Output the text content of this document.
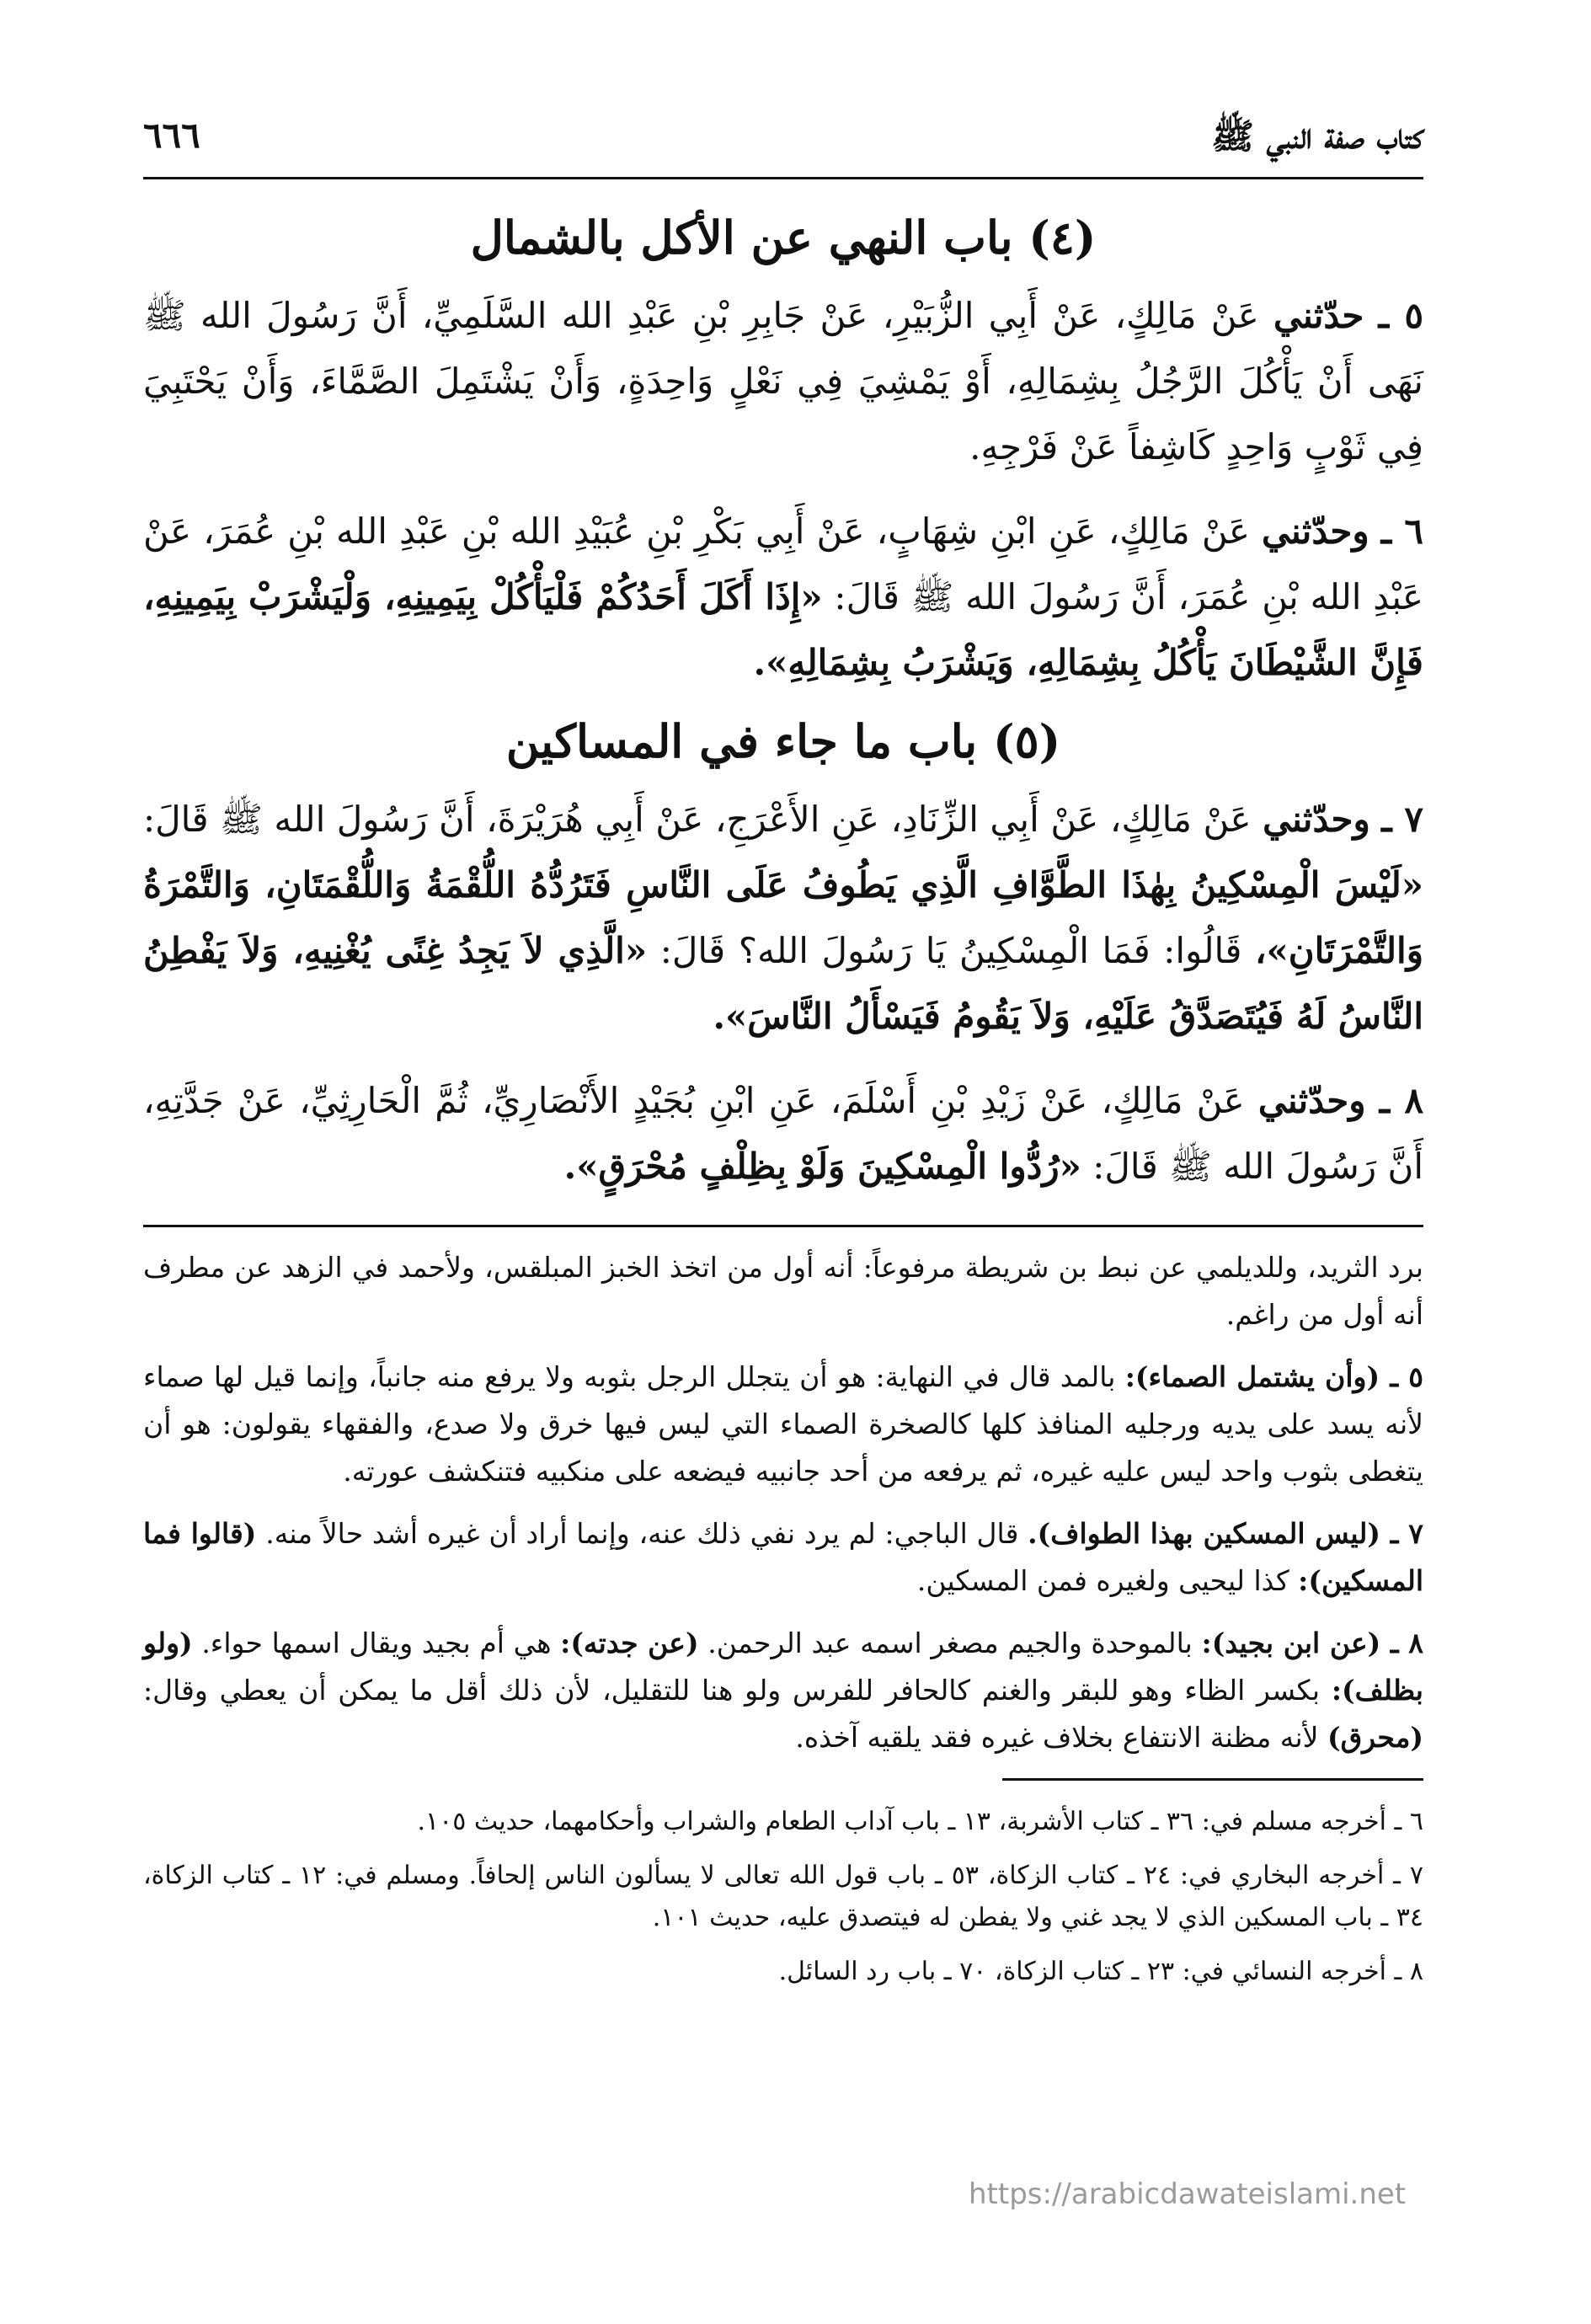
كتاب صفة النبي ﷺ
٦٦٦
(٤) باب النهي عن الأكل بالشمال

٥ ـ حدّثني عَنْ مَالِكٍ، عَنْ أَبِي الزُّبَيْرِ، عَنْ جَابِرِ بْنِ عَبْدِ الله السَّلَمِيِّ، أَنَّ رَسُولَ الله ﷺ نَهَى أَنْ يَأْكُلَ الرَّجُلُ بِشِمَالِهِ، أَوْ يَمْشِيَ فِي نَعْلٍ وَاحِدَةٍ، وَأَنْ يَشْتَمِلَ الصَّمَّاءَ، وَأَنْ يَحْتَبِيَ فِي ثَوْبٍ وَاحِدٍ كَاشِفاً عَنْ فَرْجِهِ.

٦ ـ وحدّثني عَنْ مَالِكٍ، عَنِ ابْنِ شِهَابٍ، عَنْ أَبِي بَكْرِ بْنِ عُبَيْدِ الله بْنِ عَبْدِ الله بْنِ عُمَرَ، عَنْ عَبْدِ الله بْنِ عُمَرَ، أَنَّ رَسُولَ الله ﷺ قَالَ: «إِذَا أَكَلَ أَحَدُكُمْ فَلْيَأْكُلْ بِيَمِينِهِ، وَلْيَشْرَبْ بِيَمِينِهِ، فَإِنَّ الشَّيْطَانَ يَأْكُلُ بِشِمَالِهِ، وَيَشْرَبُ بِشِمَالِهِ».

(٥) باب ما جاء في المساكين

٧ ـ وحدّثني عَنْ مَالِكٍ، عَنْ أَبِي الزِّنَادِ، عَنِ الأَعْرَجِ، عَنْ أَبِي هُرَيْرَةَ، أَنَّ رَسُولَ الله ﷺ قَالَ: «لَيْسَ الْمِسْكِينُ بِهٰذَا الطَّوَّافِ الَّذِي يَطُوفُ عَلَى النَّاسِ فَتَرُدُّهُ اللُّقْمَةُ وَاللُّقْمَتَانِ، وَالتَّمْرَةُ وَالتَّمْرَتَانِ»، قَالُوا: فَمَا الْمِسْكِينُ يَا رَسُولَ الله؟ قَالَ: «الَّذِي لاَ يَجِدُ غِنًى يُغْنِيهِ، وَلاَ يَفْطِنُ النَّاسُ لَهُ فَيُتَصَدَّقُ عَلَيْهِ، وَلاَ يَقُومُ فَيَسْأَلُ النَّاسَ».

٨ ـ وحدّثني عَنْ مَالِكٍ، عَنْ زَيْدِ بْنِ أَسْلَمَ، عَنِ ابْنِ بُجَيْدٍ الأَنْصَارِيِّ، ثُمَّ الْحَارِثِيِّ، عَنْ جَدَّتِهِ، أَنَّ رَسُولَ الله ﷺ قَالَ: «رُدُّوا الْمِسْكِينَ وَلَوْ بِظِلْفٍ مُحْرَقٍ».

برد الثريد، وللديلمي عن نبط بن شريطة مرفوعاً: أنه أول من اتخذ الخبز المبلقس، ولأحمد في الزهد عن مطرف أنه أول من راغم.

٥ ـ (وأن يشتمل الصماء): بالمد قال في النهاية: هو أن يتجلل الرجل بثوبه ولا يرفع منه جانباً، وإنما قيل لها صماء لأنه يسد على يديه ورجليه المنافذ كلها كالصخرة الصماء التي ليس فيها خرق ولا صدع، والفقهاء يقولون: هو أن يتغطى بثوب واحد ليس عليه غيره، ثم يرفعه من أحد جانبيه فيضعه على منكبيه فتنكشف عورته.

٧ ـ (ليس المسكين بهذا الطواف). قال الباجي: لم يرد نفي ذلك عنه، وإنما أراد أن غيره أشد حالاً منه. (قالوا فما المسكين): كذا ليحيى ولغيره فمن المسكين.

٨ ـ (عن ابن بجيد): بالموحدة والجيم مصغر اسمه عبد الرحمن. (عن جدته): هي أم بجيد ويقال اسمها حواء. (ولو بظلف): بكسر الظاء وهو للبقر والغنم كالحافر للفرس ولو هنا للتقليل، لأن ذلك أقل ما يمكن أن يعطي وقال: (محرق) لأنه مظنة الانتفاع بخلاف غيره فقد يلقيه آخذه.

٦ ـ أخرجه مسلم في: ٣٦ ـ كتاب الأشربة، ١٣ ـ باب آداب الطعام والشراب وأحكامهما، حديث ١٠٥.

٧ ـ أخرجه البخاري في: ٢٤ ـ كتاب الزكاة، ٥٣ ـ باب قول الله تعالى لا يسألون الناس إلحافاً. ومسلم في: ١٢ ـ كتاب الزكاة، ٣٤ ـ باب المسكين الذي لا يجد غني ولا يفطن له فيتصدق عليه، حديث ١٠١.

٨ ـ أخرجه النسائي في: ٢٣ ـ كتاب الزكاة، ٧٠ ـ باب رد السائل.

https://arabicdawateislami.net
